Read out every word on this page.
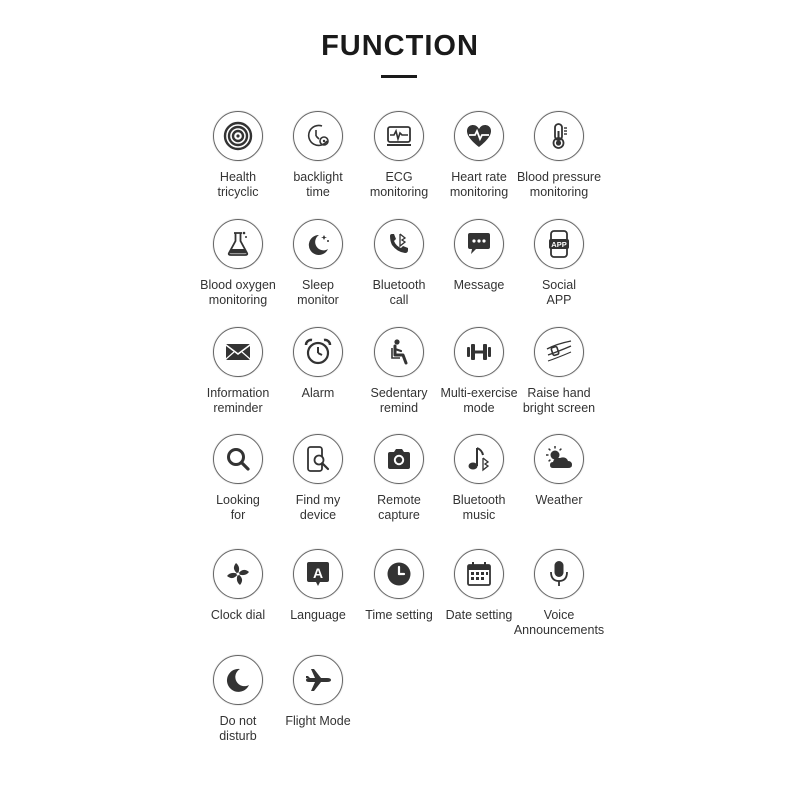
FUNCTION
Health
tricyclic
backlight
time
ECG
monitoring
Heart rate
monitoring
Blood pressure
monitoring
Blood oxygen
monitoring
Sleep
monitor
Bluetooth
call
Message
APP
Social
APP
Information
reminder
Alarm	Sedentary
remind
Multi-exercise
mode
Raise hand
bright screen
Looking
for
Find my
device
Remote
capture
Bluetooth
music
Weather
Clock dial
A
Language Time setting Date setting	Voice
Announcements
Do not
disturb
Flight Mode
